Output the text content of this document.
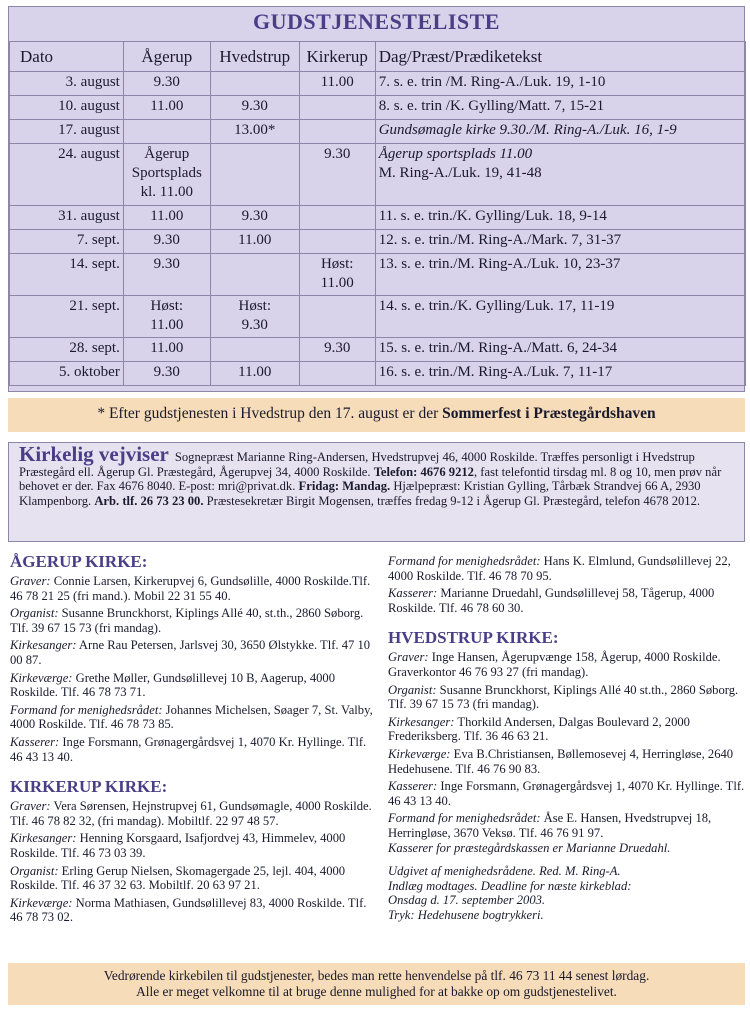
GUDSTJENESTELISTE
Dato	Ågerup	Hvedstrup	Kirkerup	Dag/Præst/Prædiketekst
3. august	9.30		11.00	7. s. e. trin /M. Ring-A./Luk. 19, 1-10
10. august	11.00	9.30		8. s. e. trin /K. Gylling/Matt. 7, 15-21
17. august		13.00*		Gundsømagle kirke 9.30./M. Ring-A./Luk. 16, 1-9
24. august	Ågerup
Sportsplads
kl. 11.00		9.30	Ågerup sportsplads 11.00
M. Ring-A./Luk. 19, 41-48

31. august	11.00	9.30		11. s. e. trin./K. Gylling/Luk. 18, 9-14
7. sept.	9.30	11.00		12. s. e. trin./M. Ring-A./Mark. 7, 31-37
14. sept.	9.30		Høst:
11.00	13. s. e. trin./M. Ring-A./Luk. 10, 23-37
21. sept.	Høst:
11.00	Høst:
9.30		14. s. e. trin./K. Gylling/Luk. 17, 11-19
28. sept.	11.00		9.30	15. s. e. trin./M. Ring-A./Matt. 6, 24-34
5. oktober	9.30	11.00		16. s. e. trin./M. Ring-A./Luk. 7, 11-17
* Efter gudstjenesten i Hvedstrup den 17. august er der Sommerfest i Præstegårdshaven
Kirkelig vejviser Sognepræst Marianne Ring-Andersen, Hvedstrupvej 46, 4000 Roskilde. Træffes personligt i Hvedstrup Præstegård ell. Ågerup Gl. Præstegård, Ågerupvej 34, 4000 Roskilde. Telefon: 4676 9212, fast telefontid tirsdag ml. 8 og 10, men prøv når behovet er der. Fax 4676 8040. E-post: mri@privat.dk. Fridag: Mandag. Hjælpepræst: Kristian Gylling, Tårbæk Strandvej 66 A, 2930 Klampenborg. Arb. tlf. 26 73 23 00. Præstesekretær Birgit Mogensen, træffes fredag 9-12 i Ågerup Gl. Præstegård, telefon 4678 2012.
ÅGERUP KIRKE:
Graver: Connie Larsen, Kirkerupvej 6, Gundsølille, 4000 Roskilde.Tlf. 46 78 21 25 (fri mand.). Mobil 22 31 55 40.
Organist: Susanne Brunckhorst, Kiplings Allé 40, st.th., 2860 Søborg. Tlf. 39 67 15 73 (fri mandag).
Kirkesanger: Arne Rau Petersen, Jarlsvej 30, 3650 Ølstykke. Tlf. 47 10 00 87.
Kirkeværge: Grethe Møller, Gundsølillevej 10 B, Aagerup, 4000 Roskilde. Tlf. 46 78 73 71.
Formand for menighedsrådet: Johannes Michelsen, Søager 7, St. Valby, 4000 Roskilde. Tlf. 46 78 73 85.
Kasserer: Inge Forsmann, Grønagergårdsvej 1, 4070 Kr. Hyllinge. Tlf. 46 43 13 40.
KIRKERUP KIRKE:
Graver: Vera Sørensen, Hejnstrupvej 61, Gundsømagle, 4000 Roskilde. Tlf. 46 78 82 32, (fri mandag). Mobiltlf. 22 97 48 57.
Kirkesanger: Henning Korsgaard, Isafjordvej 43, Himmelev, 4000 Roskilde. Tlf. 46 73 03 39.
Organist: Erling Gerup Nielsen, Skomagergade 25, lejl. 404, 4000 Roskilde. Tlf. 46 37 32 63. Mobiltlf. 20 63 97 21.
Kirkeværge: Norma Mathiasen, Gundsølillevej 83, 4000 Roskilde. Tlf. 46 78 73 02.
Formand for menighedsrådet: Hans K. Elmlund, Gundsølillevej 22, 4000 Roskilde. Tlf. 46 78 70 95.
Kasserer: Marianne Druedahl, Gundsølillevej 58, Tågerup, 4000 Roskilde. Tlf. 46 78 60 30.
HVEDSTRUP KIRKE:
Graver: Inge Hansen, Ågerupvænge 158, Ågerup, 4000 Roskilde.
Graverkontor 46 76 93 27 (fri mandag).
Organist: Susanne Brunckhorst, Kiplings Allé 40 st.th., 2860 Søborg. Tlf. 39 67 15 73 (fri mandag).
Kirkesanger: Thorkild Andersen, Dalgas Boulevard 2, 2000 Frederiksberg. Tlf. 36 46 63 21.
Kirkeværge: Eva B.Christiansen, Bøllemosevej 4, Herringløse, 2640 Hedehusene. Tlf. 46 76 90 83.
Kasserer: Inge Forsmann, Grønagergårdsvej 1, 4070 Kr. Hyllinge. Tlf. 46 43 13 40.
Formand for menighedsrådet: Åse E. Hansen, Hvedstrupvej 18, Herringløse, 3670 Veksø. Tlf. 46 76 91 97.
Kasserer for præstegårdskassen er Marianne Druedahl.
Udgivet af menighedsrådene. Red. M. Ring-A.
Indlæg modtages. Deadline for næste kirkeblad:
Onsdag d. 17. september 2003.
Tryk: Hedehusene bogtrykkeri.
Vedrørende kirkebilen til gudstjenester, bedes man rette henvendelse på tlf. 46 73 11 44 senest lørdag.
Alle er meget velkomne til at bruge denne mulighed for at bakke op om gudstjenestelivet.
